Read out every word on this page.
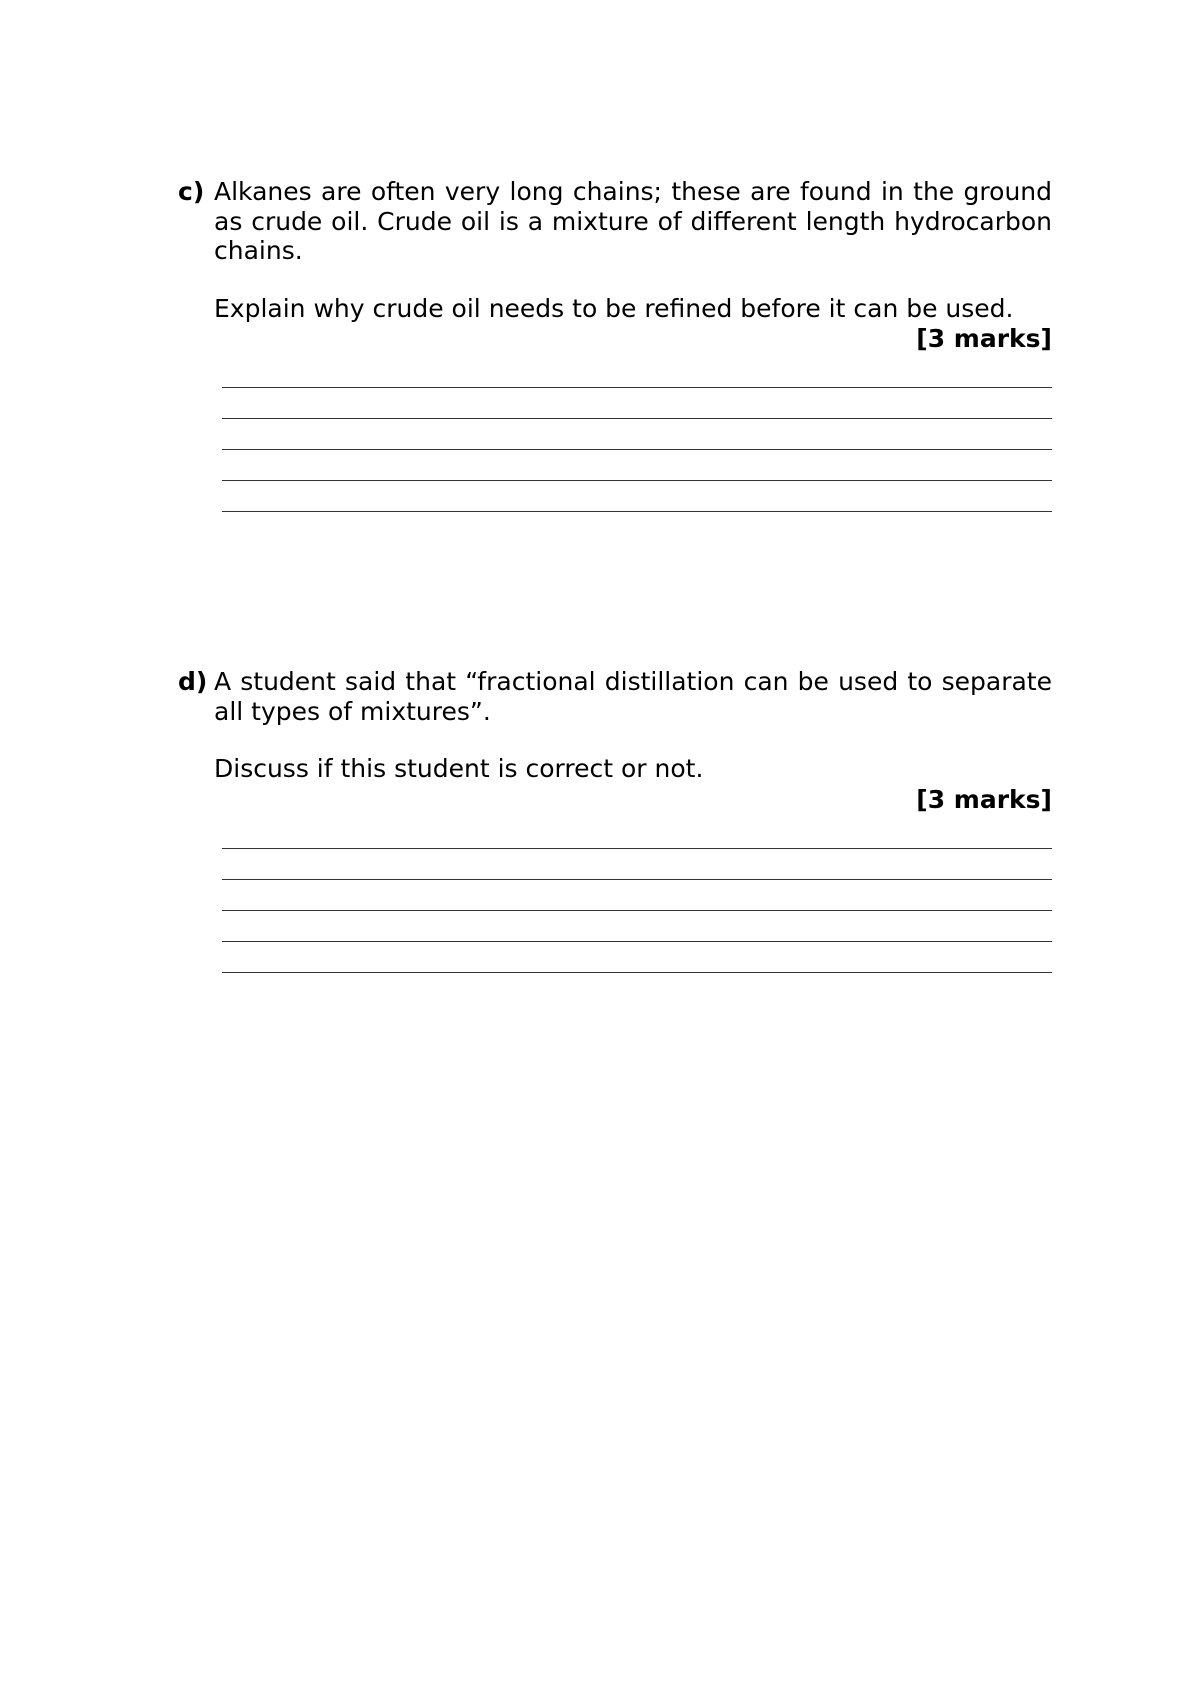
c) Alkanes are often very long chains; these are found in the ground as crude oil. Crude oil is a mixture of different length hydrocarbon chains.

Explain why crude oil needs to be refined before it can be used.

[3 marks]
d) A student said that “fractional distillation can be used to separate all types of mixtures”.

Discuss if this student is correct or not.

[3 marks]
